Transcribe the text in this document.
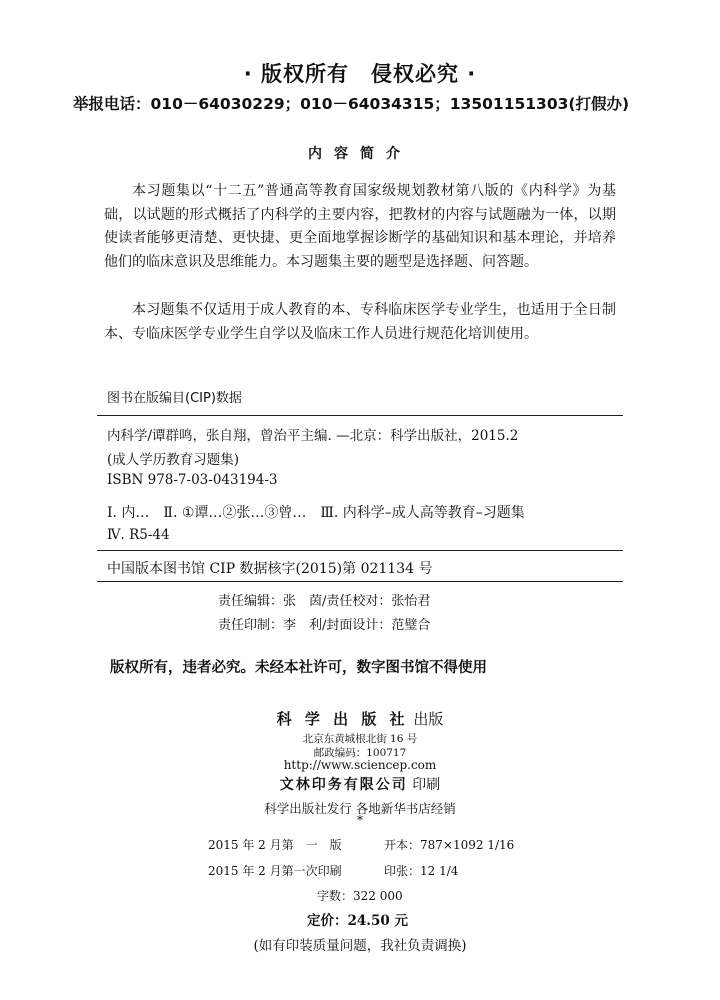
· 版权所有　侵权必究 ·
举报电话：010－64030229；010－64034315；13501151303(打假办)
内容简介
本习题集以“十二五”普通高等教育国家级规划教材第八版的《内科学》为基础，以试题的形式概括了内科学的主要内容，把教材的内容与试题融为一体，以期使读者能够更清楚、更快捷、更全面地掌握诊断学的基础知识和基本理论，并培养他们的临床意识及思维能力。本习题集主要的题型是选择题、问答题。
本习题集不仅适用于成人教育的本、专科临床医学专业学生，也适用于全日制本、专临床医学专业学生自学以及临床工作人员进行规范化培训使用。
图书在版编目(CIP)数据
内科学/谭群鸣，张自翔，曾治平主编. —北京：科学出版社，2015.2
(成人学历教育习题集)
ISBN 978-7-03-043194-3
Ⅰ. 内…　Ⅱ. ①谭…②张…③曾…　Ⅲ. 内科学–成人高等教育–习题集
Ⅳ. R5-44
中国版本图书馆 CIP 数据核字(2015)第 021134 号
责任编辑：张　茵/责任校对：张怡君
责任印制：李　利/封面设计：范璧合
版权所有，违者必究。未经本社许可，数字图书馆不得使用
科 学 出 版 社 出版
北京东黄城根北街 16 号
邮政编码：100717
http://www.sciencep.com
文林印务有限公司 印刷
科学出版社发行 各地新华书店经销
*
2015 年 2 月第　一　版	开本：787×1092 1/16
2015 年 2 月第一次印刷	印张：12 1/4
字数：322 000
定价：24.50 元
(如有印装质量问题，我社负责调换)
